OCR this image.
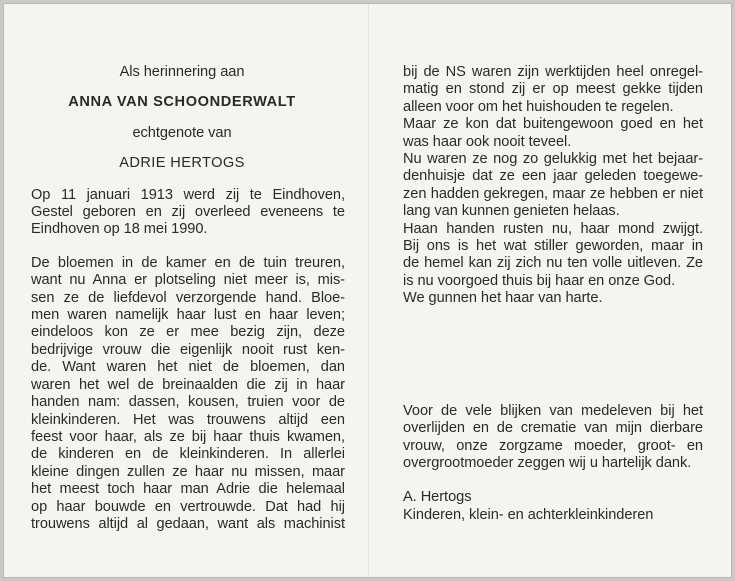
Als herinnering aan

ANNA VAN SCHOONDERWALT

echtgenote van

ADRIE HERTOGS

Op 11 januari 1913 werd zij te Eindhoven,

Gestel geboren en zij overleed eveneens te

Eindhoven op 18 mei 1990.

De bloemen in de kamer en de tuin treuren,

want nu Anna er plotseling niet meer is, mis-

sen ze de liefdevol verzorgende hand. Bloe-

men waren namelijk haar lust en haar leven;

eindeloos kon ze er mee bezig zijn, deze

bedrijvige vrouw die eigenlijk nooit rust ken-

de. Want waren het niet de bloemen, dan

waren het wel de breinaalden die zij in haar

handen nam: dassen, kousen, truien voor de

kleinkinderen. Het was trouwens altijd een

feest voor haar, als ze bij haar thuis kwamen,

de kinderen en de kleinkinderen. In allerlei

kleine dingen zullen ze haar nu missen, maar

het meest toch haar man Adrie die helemaal

op haar bouwde en vertrouwde. Dat had hij

trouwens altijd al gedaan, want als machinist

bij de NS waren zijn werktijden heel onregel-

matig en stond zij er op meest gekke tijden

alleen voor om het huishouden te regelen.

Maar ze kon dat buitengewoon goed en het

was haar ook nooit teveel.

Nu waren ze nog zo gelukkig met het bejaar-

denhuisje dat ze een jaar geleden toegewe-

zen hadden gekregen, maar ze hebben er niet

lang van kunnen genieten helaas.

Haan handen rusten nu, haar mond zwijgt.

Bij ons is het wat stiller geworden, maar in

de hemel kan zij zich nu ten volle uitleven. Ze

is nu voorgoed thuis bij haar en onze God.

We gunnen het haar van harte.

Voor de vele blijken van medeleven bij het

overlijden en de crematie van mijn dierbare

vrouw, onze zorgzame moeder, groot- en

overgrootmoeder zeggen wij u hartelijk dank.

A. Hertogs

Kinderen, klein- en achterkleinkinderen
